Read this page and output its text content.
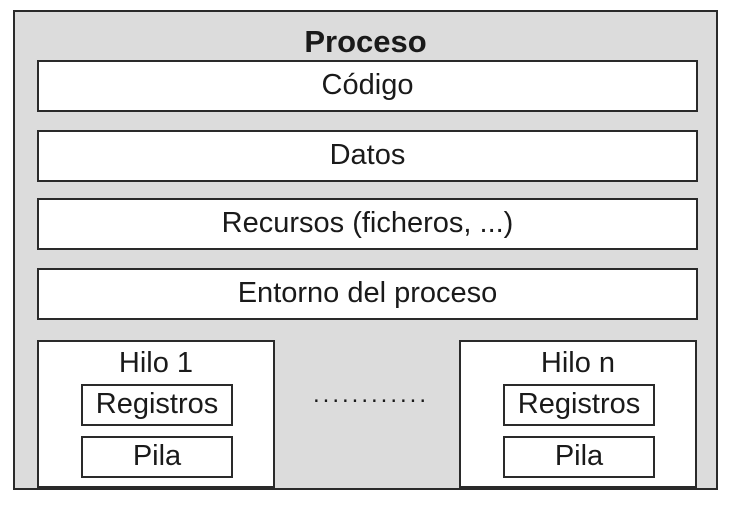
Proceso
Código
Datos
Recursos (ficheros, ...)
Entorno del proceso
Hilo 1
Registros
Pila
............
Hilo n
Registros
Pila
